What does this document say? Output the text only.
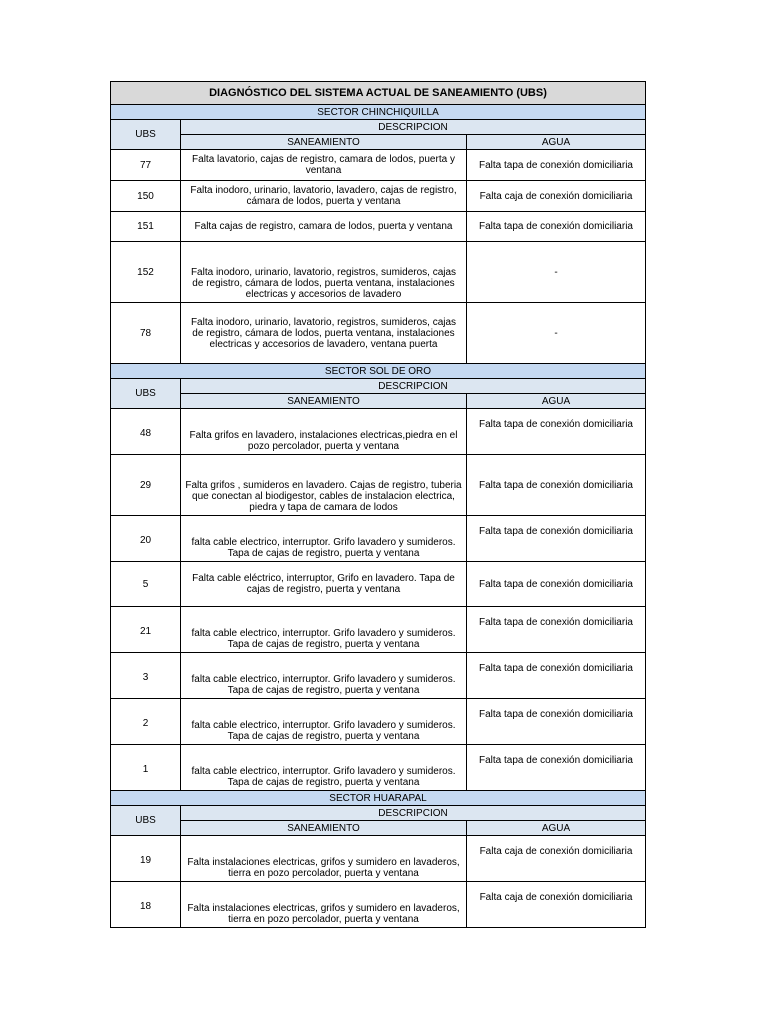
DIAGNÓSTICO DEL SISTEMA ACTUAL DE SANEAMIENTO (UBS)		
SECTOR CHINCHIQUILLA		
UBS	DESCRIPCION	
	SANEAMIENTO	AGUA
77	Falta lavatorio, cajas de registro, camara de lodos, puerta y ventana	Falta tapa de conexión domiciliaria
150	Falta inodoro, urinario, lavatorio, lavadero, cajas de registro, cámara de lodos, puerta y ventana	Falta caja de conexión domiciliaria
151	Falta cajas de registro, camara de lodos, puerta y ventana	Falta tapa de conexión domiciliaria
152	Falta inodoro, urinario, lavatorio, registros, sumideros, cajas de registro, cámara de lodos, puerta ventana, instalaciones electricas y accesorios de lavadero	-
78	Falta inodoro, urinario, lavatorio, registros, sumideros, cajas de registro, cámara de lodos, puerta ventana, instalaciones electricas y accesorios de lavadero, ventana puerta	-
SECTOR SOL DE ORO		
UBS	DESCRIPCION	
	SANEAMIENTO	AGUA
48	Falta grifos en lavadero, instalaciones electricas,piedra en el pozo percolador, puerta y ventana	Falta tapa de conexión domiciliaria
29	Falta grifos , sumideros en lavadero. Cajas de registro, tuberia que conectan al biodigestor, cables de instalacion electrica, piedra y tapa de camara de lodos	Falta tapa de conexión domiciliaria
20	falta cable electrico, interruptor. Grifo lavadero y sumideros. Tapa de cajas de registro, puerta y ventana	Falta tapa de conexión domiciliaria
5	Falta cable eléctrico, interruptor, Grifo en lavadero. Tapa de cajas de registro, puerta y ventana	Falta tapa de conexión domiciliaria
21	falta cable electrico, interruptor. Grifo lavadero y sumideros. Tapa de cajas de registro, puerta y ventana	Falta tapa de conexión domiciliaria
3	falta cable electrico, interruptor. Grifo lavadero y sumideros. Tapa de cajas de registro, puerta y ventana	Falta tapa de conexión domiciliaria
2	falta cable electrico, interruptor. Grifo lavadero y sumideros. Tapa de cajas de registro, puerta y ventana	Falta tapa de conexión domiciliaria
1	falta cable electrico, interruptor. Grifo lavadero y sumideros. Tapa de cajas de registro, puerta y ventana	Falta tapa de conexión domiciliaria
SECTOR HUARAPAL		
UBS	DESCRIPCION	
	SANEAMIENTO	AGUA
19	Falta instalaciones electricas, grifos y sumidero en lavaderos, tierra en pozo percolador, puerta y ventana	Falta caja de conexión domiciliaria
18	Falta instalaciones electricas, grifos y sumidero en lavaderos, tierra en pozo percolador, puerta y ventana	Falta caja de conexión domiciliaria
